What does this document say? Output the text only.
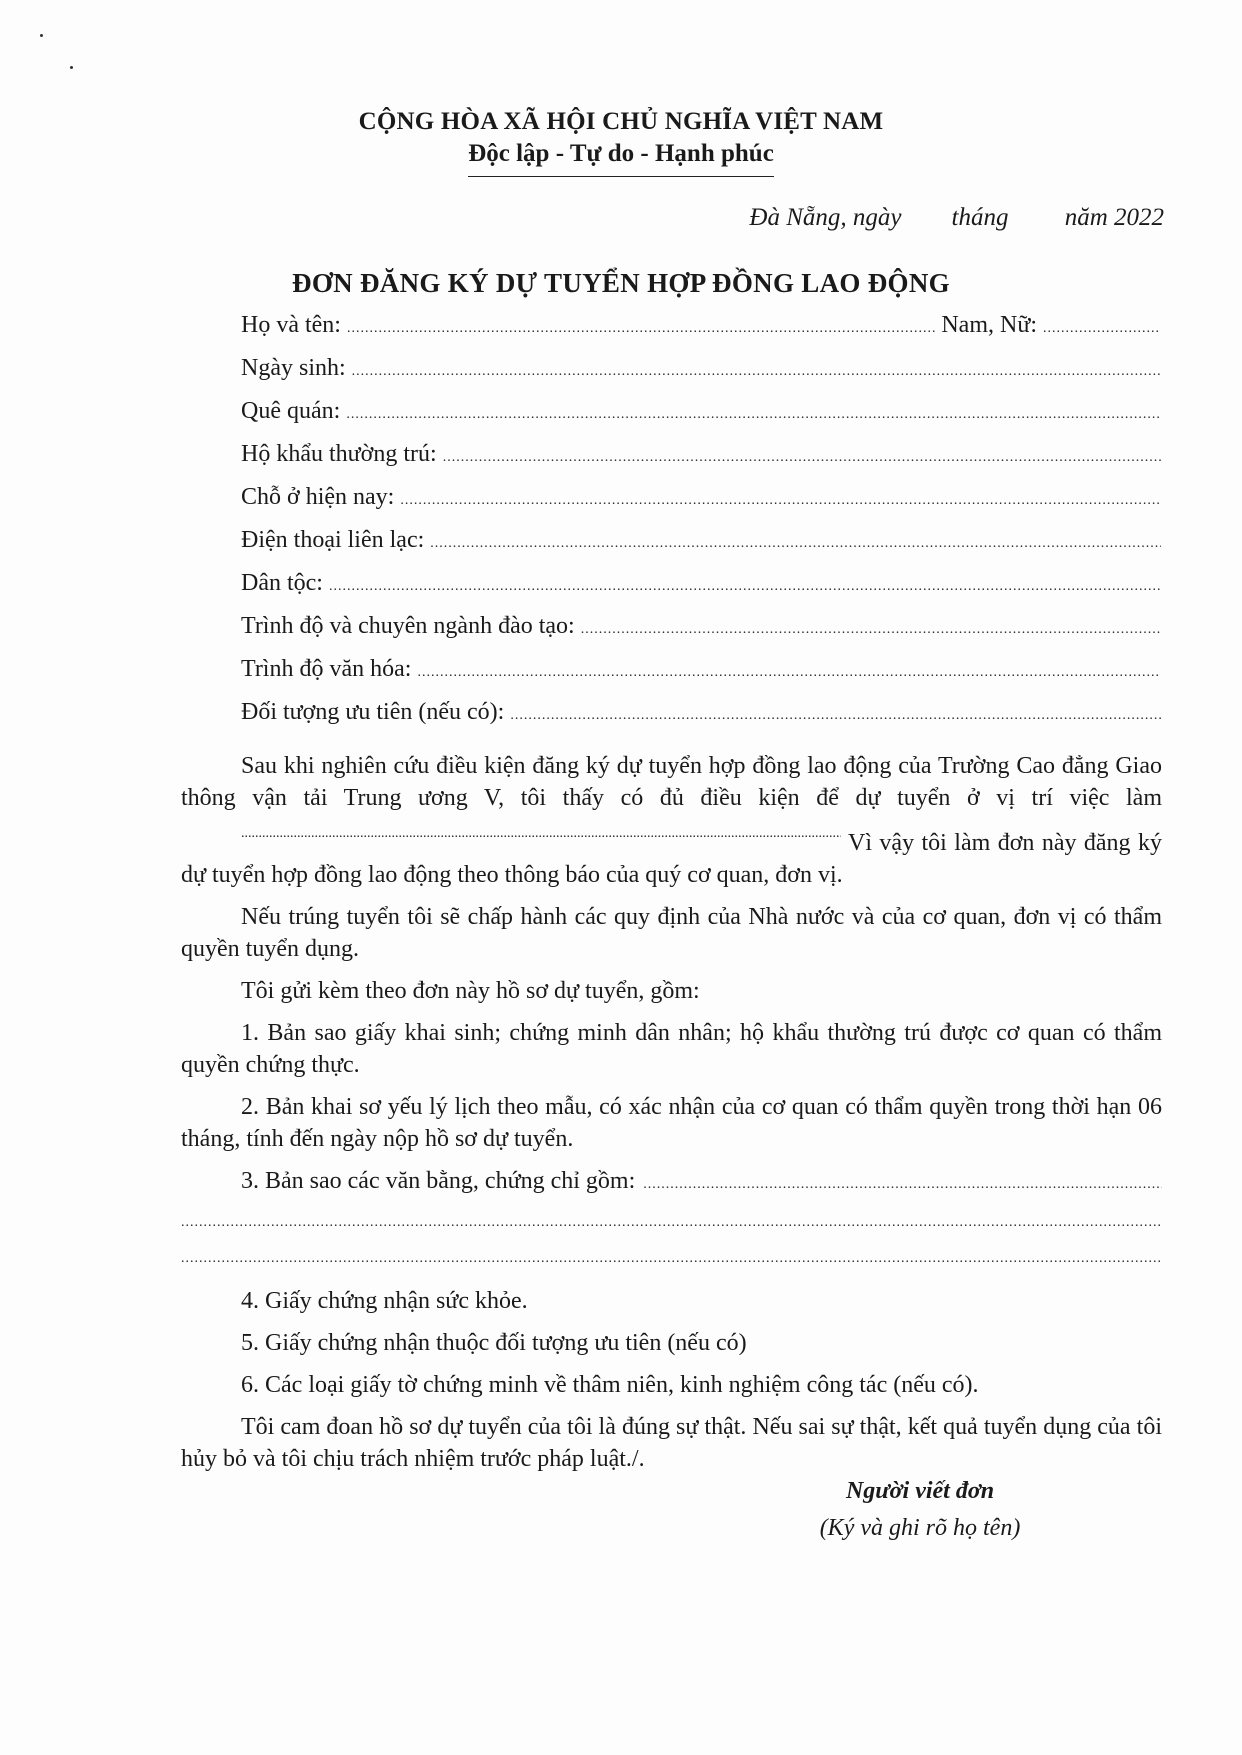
CỘNG HÒA XÃ HỘI CHỦ NGHĨA VIỆT NAM
Độc lập - Tự do - Hạnh phúc
Đà Nẵng, ngày        tháng         năm 2022
ĐƠN ĐĂNG KÝ DỰ TUYỂN HỢP ĐỒNG LAO ĐỘNG
Họ và tên:
.....	Nam, Nữ:
.....
Ngày sinh:
.....
Quê quán:
.....
Hộ khẩu thường trú:
.....
Chỗ ở hiện nay:
.....
Điện thoại liên lạc:
.....
Dân tộc:
.....
Trình độ và chuyên ngành đào tạo:
.....
Trình độ văn hóa:
.....
Đối tượng ưu tiên (nếu có):
.....

Sau khi nghiên cứu điều kiện đăng ký dự tuyển hợp đồng lao động của Trường Cao đẳng Giao thông vận tải Trung ương V, tôi thấy có đủ điều kiện để dự tuyển ở vị trí việc làm ..... Vì vậy tôi làm đơn này đăng ký dự tuyển hợp đồng lao động theo thông báo của quý cơ quan, đơn vị.

Nếu trúng tuyển tôi sẽ chấp hành các quy định của Nhà nước và của cơ quan, đơn vị có thẩm quyền tuyển dụng.

Tôi gửi kèm theo đơn này hồ sơ dự tuyển, gồm:

1. Bản sao giấy khai sinh; chứng minh dân nhân; hộ khẩu thường trú được cơ quan có thẩm quyền chứng thực.

2. Bản khai sơ yếu lý lịch theo mẫu, có xác nhận của cơ quan có thẩm quyền trong thời hạn 06 tháng, tính đến ngày nộp hồ sơ dự tuyển.

3. Bản sao các văn bằng, chứng chỉ gồm:
.....
.....
.....

4. Giấy chứng nhận sức khỏe.

5. Giấy chứng nhận thuộc đối tượng ưu tiên (nếu có)

6. Các loại giấy tờ chứng minh về thâm niên, kinh nghiệm công tác (nếu có).

Tôi cam đoan hồ sơ dự tuyển của tôi là đúng sự thật. Nếu sai sự thật, kết quả tuyển dụng của tôi hủy bỏ và tôi chịu trách nhiệm trước pháp luật./.

Người viết đơn
(Ký và ghi rõ họ tên)
